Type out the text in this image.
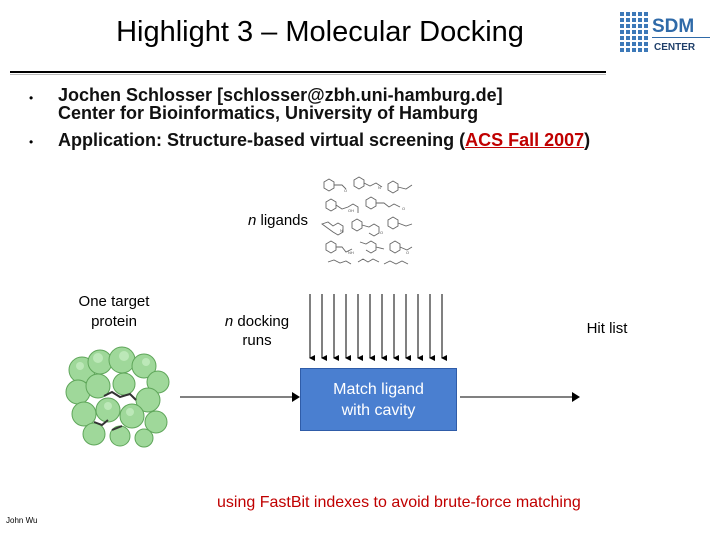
Highlight 3 – Molecular Docking	SDM
CENTER
• Jochen Schlosser [schlosser@zbh.uni-hamburg.de]
Center for Bioinformatics, University of Hamburg
• Application: Structure-based virtual screening (ACS Fall 2007)
O
N
OH	O
N	O
NH	O
n ligands
One target
protein	n docking
runs
Hit list
Match ligand
with cavity
using FastBit indexes to avoid brute-force matching
John Wu
